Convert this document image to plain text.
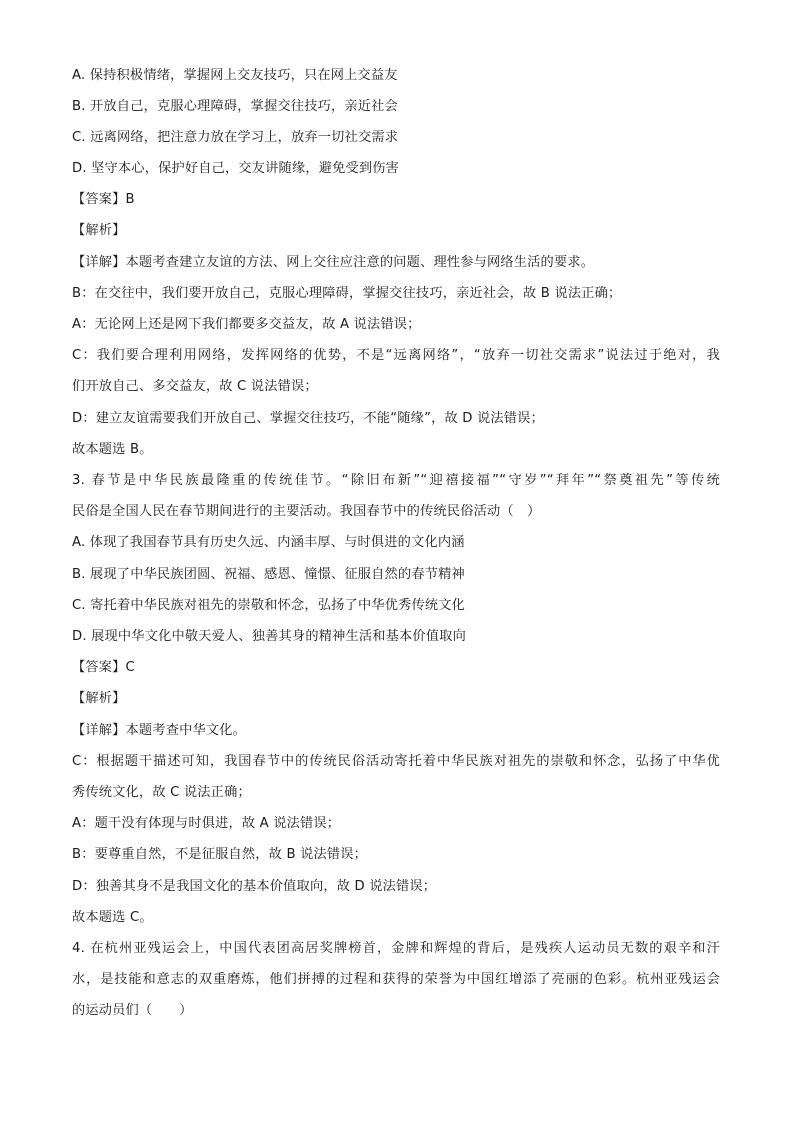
A. 保持积极情绪，掌握网上交友技巧，只在网上交益友
B. 开放自己，克服心理障碍，掌握交往技巧，亲近社会
C. 远离网络，把注意力放在学习上，放弃一切社交需求
D. 坚守本心，保护好自己，交友讲随缘，避免受到伤害
【答案】B
【解析】
【详解】本题考查建立友谊的方法、网上交往应注意的问题、理性参与网络生活的要求。
B：在交往中，我们要开放自己，克服心理障碍，掌握交往技巧，亲近社会，故 B 说法正确；
A：无论网上还是网下我们都要多交益友，故 A 说法错误；
C：我们要合理利用网络，发挥网络的优势，不是“远离网络”，“放弃一切社交需求”说法过于绝对，我
们开放自己、多交益友，故 C 说法错误；
D：建立友谊需要我们开放自己、掌握交往技巧，不能“随缘”，故 D 说法错误；
故本题选 B。
3. 春节是中华民族最隆重的传统佳节。“除旧布新”“迎禧接福”“守岁”“拜年”“祭奠祖先”等传统
民俗是全国人民在春节期间进行的主要活动。我国春节中的传统民俗活动（　）
A. 体现了我国春节具有历史久远、内涵丰厚、与时俱进的文化内涵
B. 展现了中华民族团圆、祝福、感恩、憧憬、征服自然的春节精神
C. 寄托着中华民族对祖先的崇敬和怀念，弘扬了中华优秀传统文化
D. 展现中华文化中敬天爱人、独善其身的精神生活和基本价值取向
【答案】C
【解析】
【详解】本题考查中华文化。
C：根据题干描述可知，我国春节中的传统民俗活动寄托着中华民族对祖先的崇敬和怀念，弘扬了中华优
秀传统文化，故 C 说法正确；
A：题干没有体现与时俱进，故 A 说法错误；
B：要尊重自然，不是征服自然，故 B 说法错误；
D：独善其身不是我国文化的基本价值取向，故 D 说法错误；
故本题选 C。
4. 在杭州亚残运会上，中国代表团高居奖牌榜首，金牌和辉煌的背后，是残疾人运动员无数的艰辛和汗
水，是技能和意志的双重磨炼，他们拼搏的过程和获得的荣誉为中国红增添了亮丽的色彩。杭州亚残运会
的运动员们（　　）
